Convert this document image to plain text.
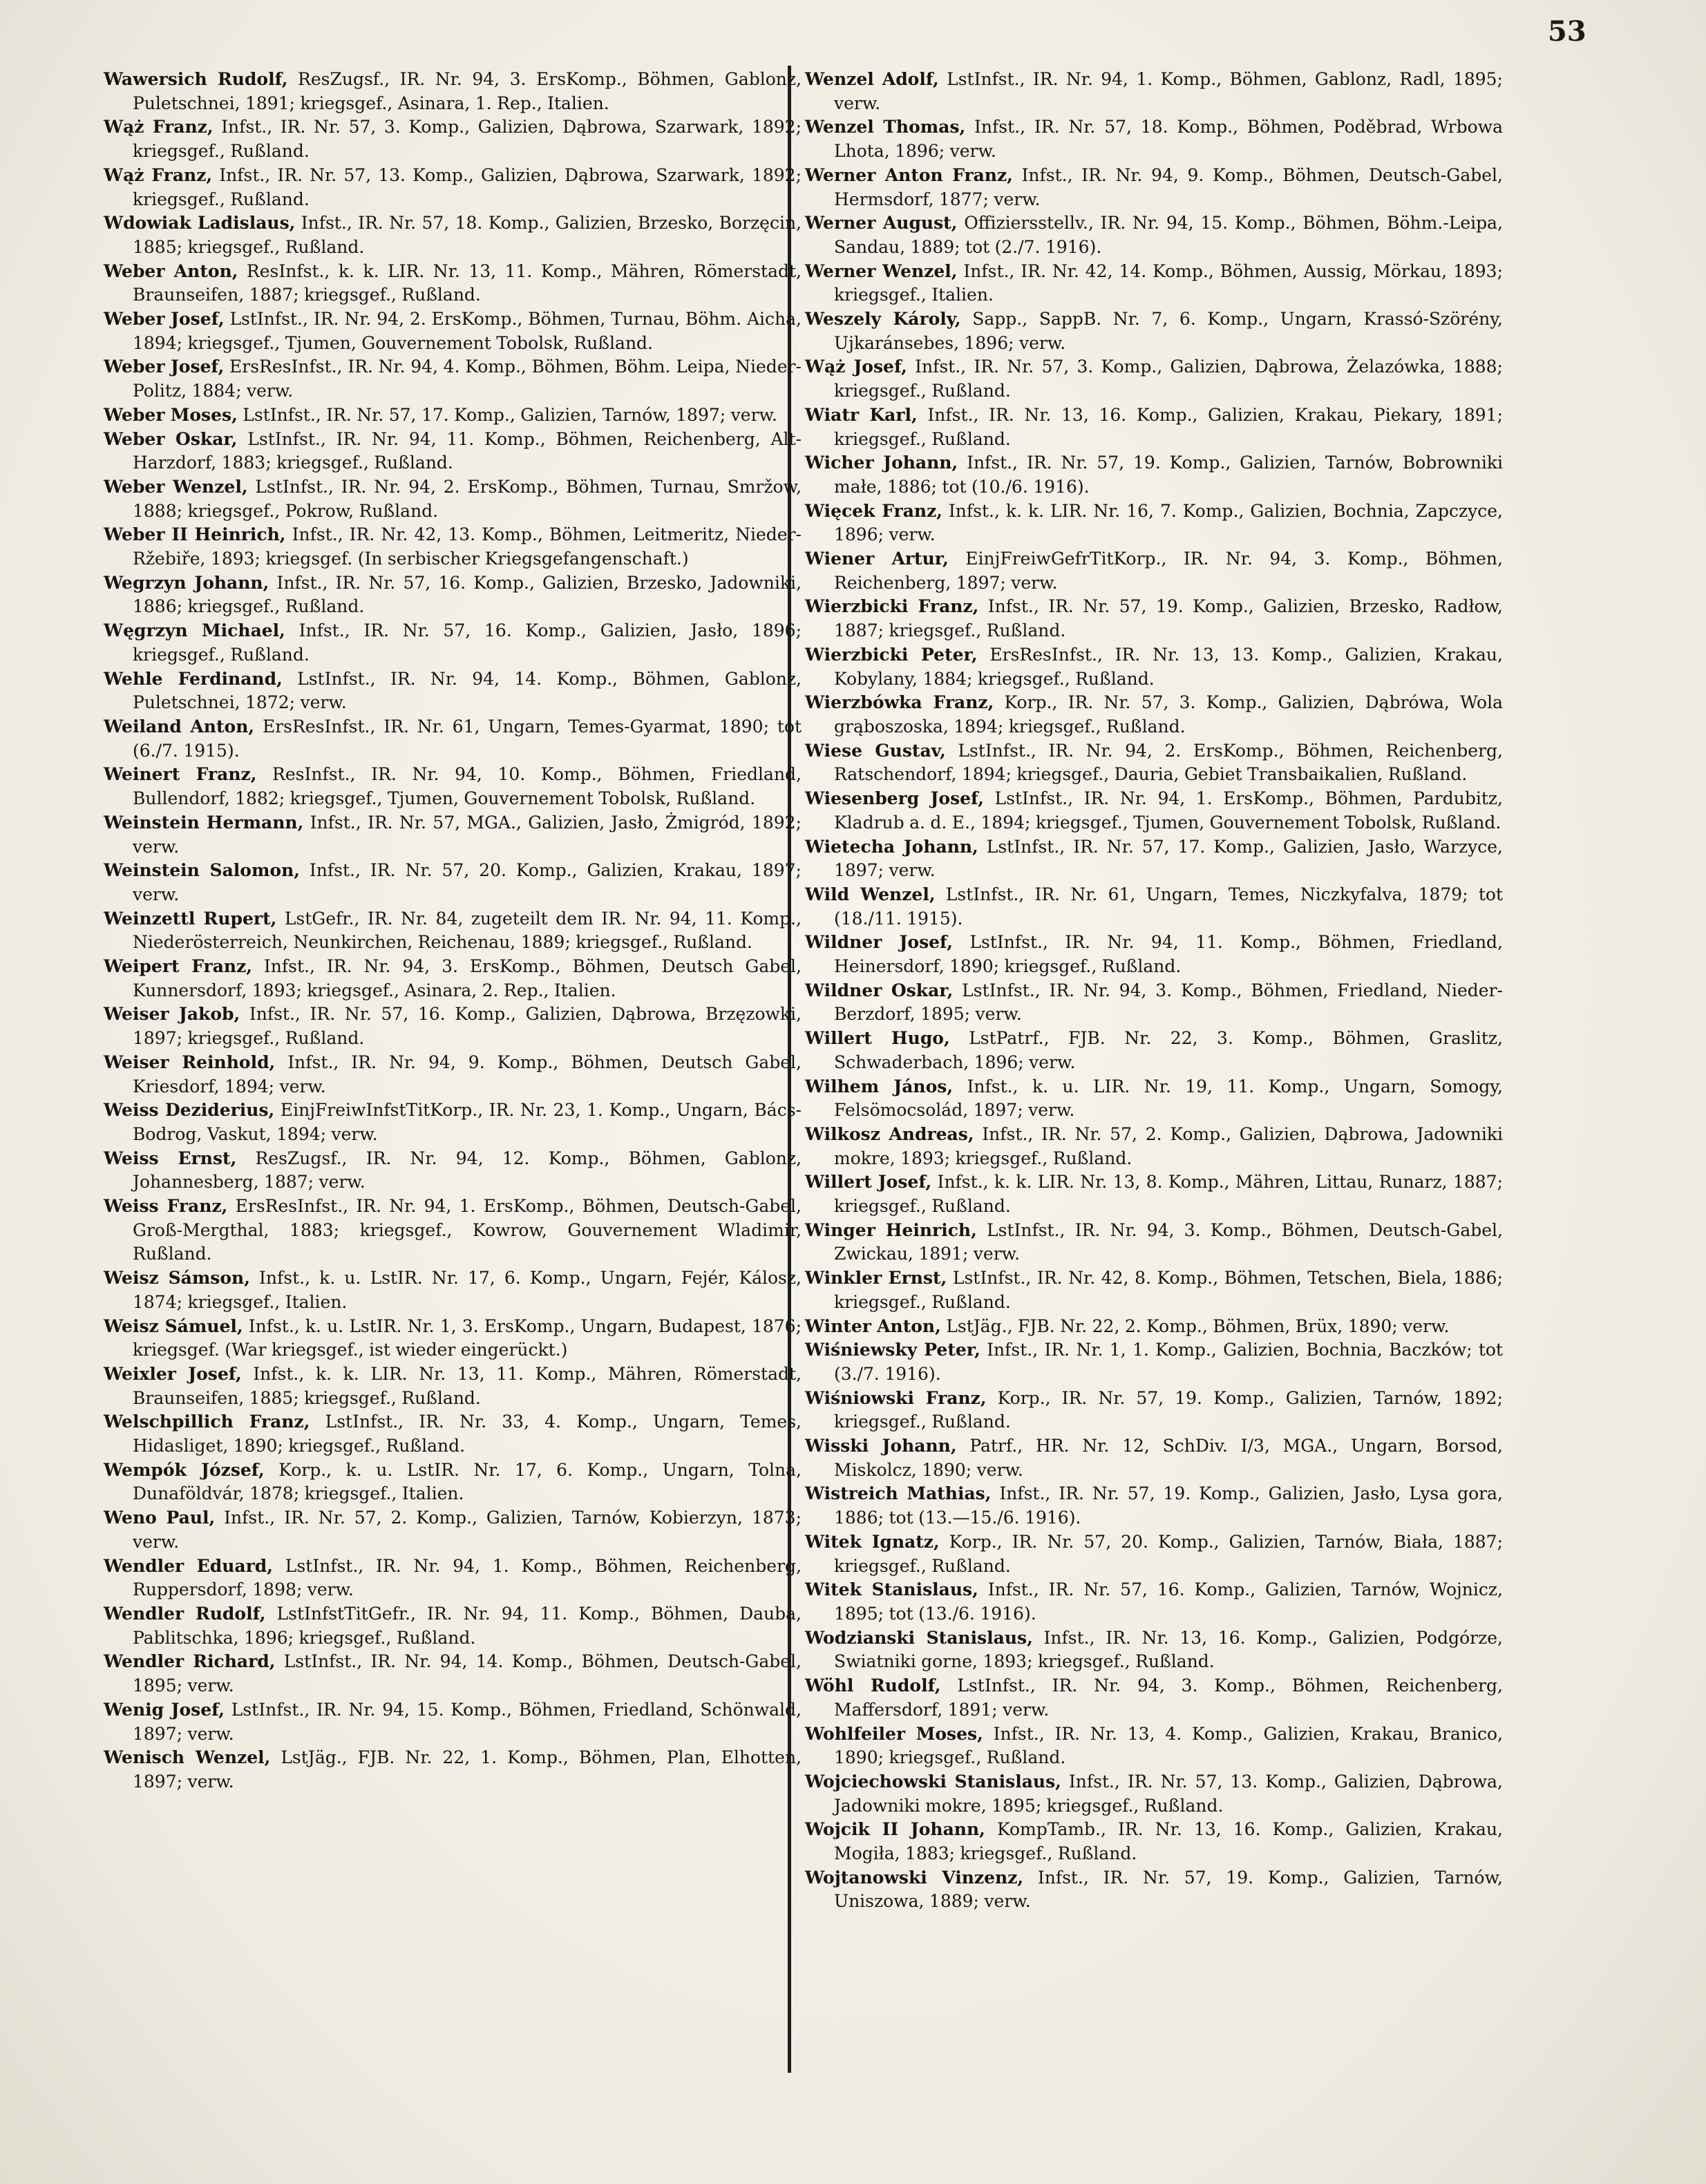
53

Wawersich Rudolf, ResZugsf., IR. Nr. 94, 3. ErsKomp., Böhmen, Gablonz, Puletschnei, 1891; kriegsgef., Asinara, 1. Rep., Italien.

Wąż Franz, Infst., IR. Nr. 57, 3. Komp., Galizien, Dąbrowa, Szarwark, 1892; kriegsgef., Rußland.

Wąż Franz, Infst., IR. Nr. 57, 13. Komp., Galizien, Dąbrowa, Szarwark, 1892; kriegsgef., Rußland.

Wdowiak Ladislaus, Infst., IR. Nr. 57, 18. Komp., Galizien, Brzesko, Borzęcin, 1885; kriegsgef., Rußland.

Weber Anton, ResInfst., k. k. LIR. Nr. 13, 11. Komp., Mähren, Römerstadt, Braunseifen, 1887; kriegsgef., Rußland.

Weber Josef, LstInfst., IR. Nr. 94, 2. ErsKomp., Böhmen, Turnau, Böhm. Aicha, 1894; kriegsgef., Tjumen, Gouvernement Tobolsk, Rußland.

Weber Josef, ErsResInfst., IR. Nr. 94, 4. Komp., Böhmen, Böhm. Leipa, Nieder-Politz, 1884; verw.

Weber Moses, LstInfst., IR. Nr. 57, 17. Komp., Galizien, Tarnów, 1897; verw.

Weber Oskar, LstInfst., IR. Nr. 94, 11. Komp., Böhmen, Reichenberg, Alt-Harzdorf, 1883; kriegsgef., Rußland.

Weber Wenzel, LstInfst., IR. Nr. 94, 2. ErsKomp., Böhmen, Turnau, Smržow, 1888; kriegsgef., Pokrow, Rußland.

Weber II Heinrich, Infst., IR. Nr. 42, 13. Komp., Böhmen, Leitmeritz, Nieder-Ržebiře, 1893; kriegsgef. (In serbischer Kriegsgefangenschaft.)

Wegrzyn Johann, Infst., IR. Nr. 57, 16. Komp., Galizien, Brzesko, Jadowniki, 1886; kriegsgef., Rußland.

Węgrzyn Michael, Infst., IR. Nr. 57, 16. Komp., Galizien, Jasło, 1896; kriegsgef., Rußland.

Wehle Ferdinand, LstInfst., IR. Nr. 94, 14. Komp., Böhmen, Gablonz, Puletschnei, 1872; verw.

Weiland Anton, ErsResInfst., IR. Nr. 61, Ungarn, Temes-Gyarmat, 1890; tot (6./7. 1915).

Weinert Franz, ResInfst., IR. Nr. 94, 10. Komp., Böhmen, Friedland, Bullendorf, 1882; kriegsgef., Tjumen, Gouvernement Tobolsk, Rußland.

Weinstein Hermann, Infst., IR. Nr. 57, MGA., Galizien, Jasło, Żmigród, 1892; verw.

Weinstein Salomon, Infst., IR. Nr. 57, 20. Komp., Galizien, Krakau, 1897; verw.

Weinzettl Rupert, LstGefr., IR. Nr. 84, zugeteilt dem IR. Nr. 94, 11. Komp., Niederösterreich, Neunkirchen, Reichenau, 1889; kriegsgef., Rußland.

Weipert Franz, Infst., IR. Nr. 94, 3. ErsKomp., Böhmen, Deutsch Gabel, Kunnersdorf, 1893; kriegsgef., Asinara, 2. Rep., Italien.

Weiser Jakob, Infst., IR. Nr. 57, 16. Komp., Galizien, Dąbrowa, Brzęzowki, 1897; kriegsgef., Rußland.

Weiser Reinhold, Infst., IR. Nr. 94, 9. Komp., Böhmen, Deutsch Gabel, Kriesdorf, 1894; verw.

Weiss Deziderius, EinjFreiwInfstTitKorp., IR. Nr. 23, 1. Komp., Ungarn, Bács-Bodrog, Vaskut, 1894; verw.

Weiss Ernst, ResZugsf., IR. Nr. 94, 12. Komp., Böhmen, Gablonz, Johannesberg, 1887; verw.

Weiss Franz, ErsResInfst., IR. Nr. 94, 1. ErsKomp., Böhmen, Deutsch-Gabel, Groß-Mergthal, 1883; kriegsgef., Kowrow, Gouvernement Wladimir, Rußland.

Weisz Sámson, Infst., k. u. LstIR. Nr. 17, 6. Komp., Ungarn, Fejér, Kálosz, 1874; kriegsgef., Italien.

Weisz Sámuel, Infst., k. u. LstIR. Nr. 1, 3. ErsKomp., Ungarn, Budapest, 1876; kriegsgef. (War kriegsgef., ist wieder eingerückt.)

Weixler Josef, Infst., k. k. LIR. Nr. 13, 11. Komp., Mähren, Römerstadt, Braunseifen, 1885; kriegsgef., Rußland.

Welschpillich Franz, LstInfst., IR. Nr. 33, 4. Komp., Ungarn, Temes, Hidasliget, 1890; kriegsgef., Rußland.

Wempók József, Korp., k. u. LstIR. Nr. 17, 6. Komp., Ungarn, Tolna, Dunaföldvár, 1878; kriegsgef., Italien.

Weno Paul, Infst., IR. Nr. 57, 2. Komp., Galizien, Tarnów, Kobierzyn, 1873; verw.

Wendler Eduard, LstInfst., IR. Nr. 94, 1. Komp., Böhmen, Reichenberg, Ruppersdorf, 1898; verw.

Wendler Rudolf, LstInfstTitGefr., IR. Nr. 94, 11. Komp., Böhmen, Dauba, Pablitschka, 1896; kriegsgef., Rußland.

Wendler Richard, LstInfst., IR. Nr. 94, 14. Komp., Böhmen, Deutsch-Gabel, 1895; verw.

Wenig Josef, LstInfst., IR. Nr. 94, 15. Komp., Böhmen, Friedland, Schönwald, 1897; verw.

Wenisch Wenzel, LstJäg., FJB. Nr. 22, 1. Komp., Böhmen, Plan, Elhotten, 1897; verw.

Wenzel Adolf, LstInfst., IR. Nr. 94, 1. Komp., Böhmen, Gablonz, Radl, 1895; verw.

Wenzel Thomas, Infst., IR. Nr. 57, 18. Komp., Böhmen, Poděbrad, Wrbowa Lhota, 1896; verw.

Werner Anton Franz, Infst., IR. Nr. 94, 9. Komp., Böhmen, Deutsch-Gabel, Hermsdorf, 1877; verw.

Werner August, Offiziersstellv., IR. Nr. 94, 15. Komp., Böhmen, Böhm.-Leipa, Sandau, 1889; tot (2./7. 1916).

Werner Wenzel, Infst., IR. Nr. 42, 14. Komp., Böhmen, Aussig, Mörkau, 1893; kriegsgef., Italien.

Weszely Károly, Sapp., SappB. Nr. 7, 6. Komp., Ungarn, Krassó-Szörény, Ujkaránsebes, 1896; verw.

Wąż Josef, Infst., IR. Nr. 57, 3. Komp., Galizien, Dąbrowa, Żelazówka, 1888; kriegsgef., Rußland.

Wiatr Karl, Infst., IR. Nr. 13, 16. Komp., Galizien, Krakau, Piekary, 1891; kriegsgef., Rußland.

Wicher Johann, Infst., IR. Nr. 57, 19. Komp., Galizien, Tarnów, Bobrowniki małe, 1886; tot (10./6. 1916).

Więcek Franz, Infst., k. k. LIR. Nr. 16, 7. Komp., Galizien, Bochnia, Zapczyce, 1896; verw.

Wiener Artur, EinjFreiwGefrTitKorp., IR. Nr. 94, 3. Komp., Böhmen, Reichenberg, 1897; verw.

Wierzbicki Franz, Infst., IR. Nr. 57, 19. Komp., Galizien, Brzesko, Radłow, 1887; kriegsgef., Rußland.

Wierzbicki Peter, ErsResInfst., IR. Nr. 13, 13. Komp., Galizien, Krakau, Kobylany, 1884; kriegsgef., Rußland.

Wierzbówka Franz, Korp., IR. Nr. 57, 3. Komp., Galizien, Dąbrówa, Wola grąboszoska, 1894; kriegsgef., Rußland.

Wiese Gustav, LstInfst., IR. Nr. 94, 2. ErsKomp., Böhmen, Reichenberg, Ratschendorf, 1894; kriegsgef., Dauria, Gebiet Transbaikalien, Rußland.

Wiesenberg Josef, LstInfst., IR. Nr. 94, 1. ErsKomp., Böhmen, Pardubitz, Kladrub a. d. E., 1894; kriegsgef., Tjumen, Gouvernement Tobolsk, Rußland.

Wietecha Johann, LstInfst., IR. Nr. 57, 17. Komp., Galizien, Jasło, Warzyce, 1897; verw.

Wild Wenzel, LstInfst., IR. Nr. 61, Ungarn, Temes, Niczkyfalva, 1879; tot (18./11. 1915).

Wildner Josef, LstInfst., IR. Nr. 94, 11. Komp., Böhmen, Friedland, Heinersdorf, 1890; kriegsgef., Rußland.

Wildner Oskar, LstInfst., IR. Nr. 94, 3. Komp., Böhmen, Friedland, Nieder-Berzdorf, 1895; verw.

Willert Hugo, LstPatrf., FJB. Nr. 22, 3. Komp., Böhmen, Graslitz, Schwaderbach, 1896; verw.

Wilhem János, Infst., k. u. LIR. Nr. 19, 11. Komp., Ungarn, Somogy, Felsömocsolád, 1897; verw.

Wilkosz Andreas, Infst., IR. Nr. 57, 2. Komp., Galizien, Dąbrowa, Jadowniki mokre, 1893; kriegsgef., Rußland.

Willert Josef, Infst., k. k. LIR. Nr. 13, 8. Komp., Mähren, Littau, Runarz, 1887; kriegsgef., Rußland.

Winger Heinrich, LstInfst., IR. Nr. 94, 3. Komp., Böhmen, Deutsch-Gabel, Zwickau, 1891; verw.

Winkler Ernst, LstInfst., IR. Nr. 42, 8. Komp., Böhmen, Tetschen, Biela, 1886; kriegsgef., Rußland.

Winter Anton, LstJäg., FJB. Nr. 22, 2. Komp., Böhmen, Brüx, 1890; verw.

Wiśniewsky Peter, Infst., IR. Nr. 1, 1. Komp., Galizien, Bochnia, Baczków; tot (3./7. 1916).

Wiśniowski Franz, Korp., IR. Nr. 57, 19. Komp., Galizien, Tarnów, 1892; kriegsgef., Rußland.

Wisski Johann, Patrf., HR. Nr. 12, SchDiv. I/3, MGA., Ungarn, Borsod, Miskolcz, 1890; verw.

Wistreich Mathias, Infst., IR. Nr. 57, 19. Komp., Galizien, Jasło, Lysa gora, 1886; tot (13.—15./6. 1916).

Witek Ignatz, Korp., IR. Nr. 57, 20. Komp., Galizien, Tarnów, Biała, 1887; kriegsgef., Rußland.

Witek Stanislaus, Infst., IR. Nr. 57, 16. Komp., Galizien, Tarnów, Wojnicz, 1895; tot (13./6. 1916).

Wodzianski Stanislaus, Infst., IR. Nr. 13, 16. Komp., Galizien, Podgórze, Swiatniki gorne, 1893; kriegsgef., Rußland.

Wöhl Rudolf, LstInfst., IR. Nr. 94, 3. Komp., Böhmen, Reichenberg, Maffersdorf, 1891; verw.

Wohlfeiler Moses, Infst., IR. Nr. 13, 4. Komp., Galizien, Krakau, Branico, 1890; kriegsgef., Rußland.

Wojciechowski Stanislaus, Infst., IR. Nr. 57, 13. Komp., Galizien, Dąbrowa, Jadowniki mokre, 1895; kriegsgef., Rußland.

Wojcik II Johann, KompTamb., IR. Nr. 13, 16. Komp., Galizien, Krakau, Mogiła, 1883; kriegsgef., Rußland.

Wojtanowski Vinzenz, Infst., IR. Nr. 57, 19. Komp., Galizien, Tarnów, Uniszowa, 1889; verw.
